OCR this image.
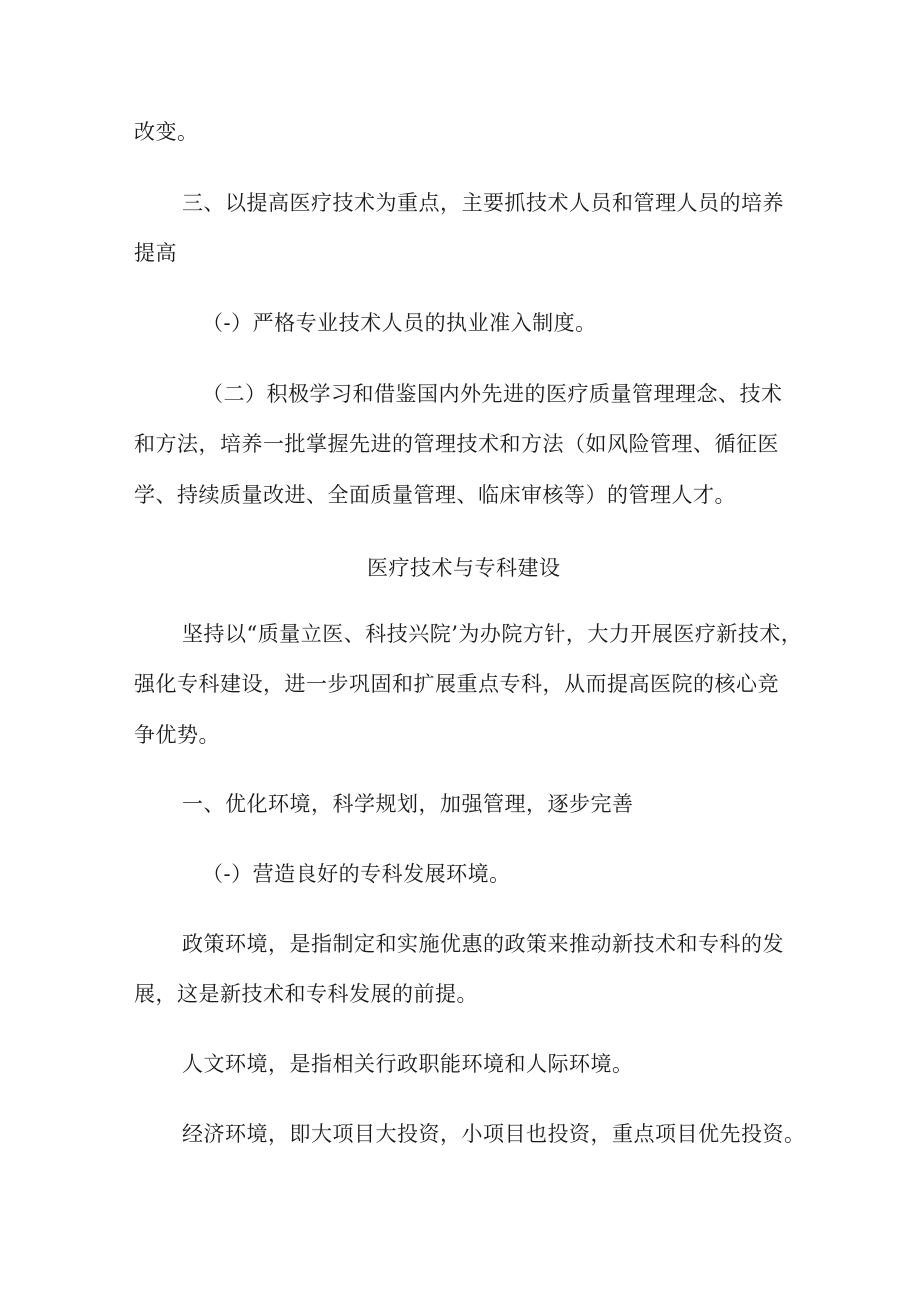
改变。
三、以提高医疗技术为重点，主要抓技术人员和管理人员的培养
提高
（-）严格专业技术人员的执业准入制度。
（二）积极学习和借鉴国内外先进的医疗质量管理理念、技术
和方法，培养一批掌握先进的管理技术和方法（如风险管理、循征医
学、持续质量改进、全面质量管理、临床审核等）的管理人才。
医疗技术与专科建设
坚持以“质量立医、科技兴院’为办院方针，大力开展医疗新技术，
强化专科建设，进一步巩固和扩展重点专科，从而提高医院的核心竞
争优势。
一、优化环境，科学规划，加强管理，逐步完善
（-）营造良好的专科发展环境。
政策环境，是指制定和实施优惠的政策来推动新技术和专科的发
展，这是新技术和专科发展的前提。
人文环境，是指相关行政职能环境和人际环境。
经济环境，即大项目大投资，小项目也投资，重点项目优先投资。
